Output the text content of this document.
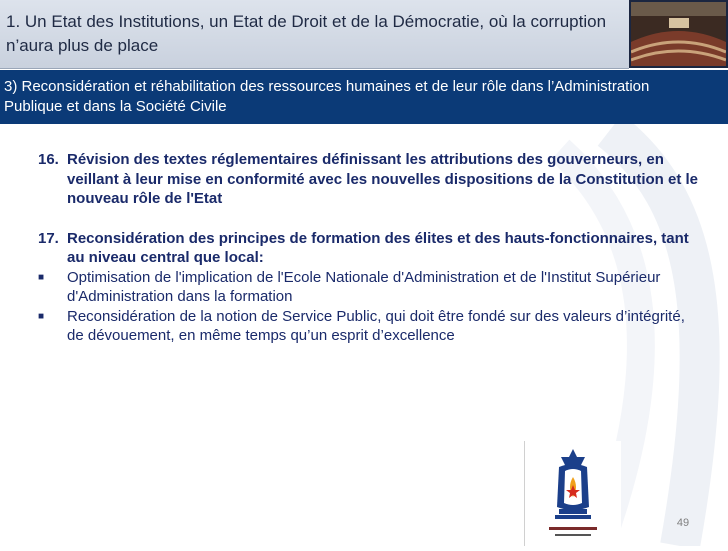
1. Un Etat des Institutions, un Etat de Droit et de la Démocratie, où la corruption n’aura plus de place
3) Reconsidération et réhabilitation des ressources humaines et de leur rôle dans l’Administration Publique et dans la Société Civile
16. Révision des textes réglementaires définissant les attributions des gouverneurs, en veillant à leur mise en conformité avec les nouvelles dispositions de la Constitution et le nouveau rôle de l'Etat
17. Reconsidération des principes de formation des élites et des hauts-fonctionnaires, tant au niveau central que local:
■	Optimisation de l'implication de l'Ecole Nationale d'Administration et de l'Institut Supérieur d'Administration dans la formation
■	Reconsidération de la notion de Service Public, qui doit être fondé sur des valeurs d’intégrité, de dévouement, en même temps qu’un esprit d’excellence
49
